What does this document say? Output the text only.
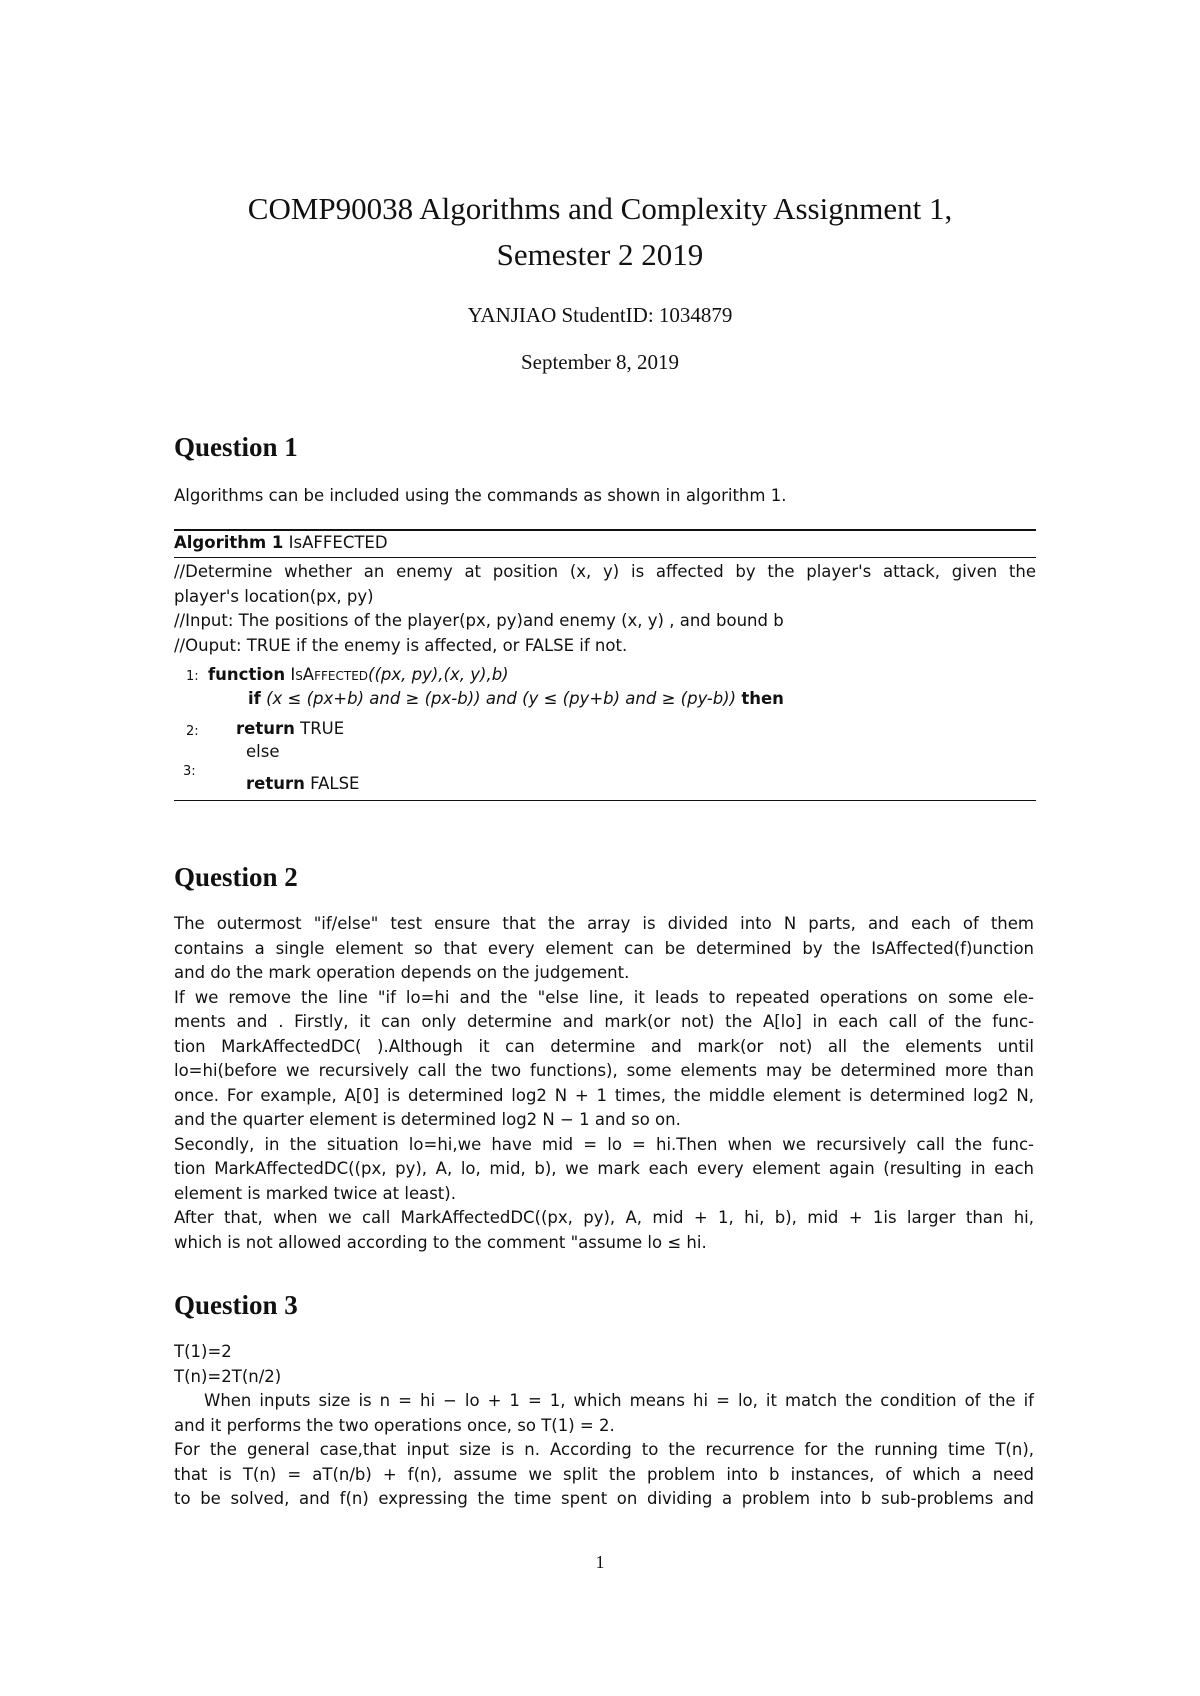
COMP90038 Algorithms and Complexity Assignment 1,
Semester 2 2019
YANJIAO StudentID: 1034879
September 8, 2019
Question 1
Algorithms can be included using the commands as shown in algorithm 1.
Algorithm 1 IsAFFECTED
//Determine whether an enemy at position (x, y) is affected by the player's attack, given the
player's location(px, py)
//Input: The positions of the player(px, py)and enemy (x, y) , and bound b
//Ouput: TRUE if the enemy is affected, or FALSE if not.
1: function IsAffected((px, py),(x, y),b)
if (x ≤ (px+b) and ≥ (px-b)) and (y ≤ (py+b) and ≥ (py-b)) then
2: return TRUE
else
3:
return FALSE
Question 2
The outermost "if/else" test ensure that the array is divided into N parts, and each of them
contains a single element so that every element can be determined by the IsAffected(f)unction
and do the mark operation depends on the judgement.
If we remove the line "if lo=hi and the "else line, it leads to repeated operations on some ele-
ments and . Firstly, it can only determine and mark(or not) the A[lo] in each call of the func-
tion MarkAffectedDC( ).Although it can determine and mark(or not) all the elements until
lo=hi(before we recursively call the two functions), some elements may be determined more than
once. For example, A[0] is determined log2 N + 1 times, the middle element is determined log2 N,
and the quarter element is determined log2 N − 1 and so on.
Secondly, in the situation lo=hi,we have mid = lo = hi.Then when we recursively call the func-
tion MarkAffectedDC((px, py), A, lo, mid, b), we mark each every element again (resulting in each
element is marked twice at least).
After that, when we call MarkAffectedDC((px, py), A, mid + 1, hi, b), mid + 1is larger than hi,
which is not allowed according to the comment "assume lo ≤ hi.
Question 3
T(1)=2
T(n)=2T(n/2)
When inputs size is n = hi − lo + 1 = 1, which means hi = lo, it match the condition of the if
and it performs the two operations once, so T(1) = 2.
For the general case,that input size is n. According to the recurrence for the running time T(n),
that is T(n) = aT(n/b) + f(n), assume we split the problem into b instances, of which a need
to be solved, and f(n) expressing the time spent on dividing a problem into b sub-problems and
1
